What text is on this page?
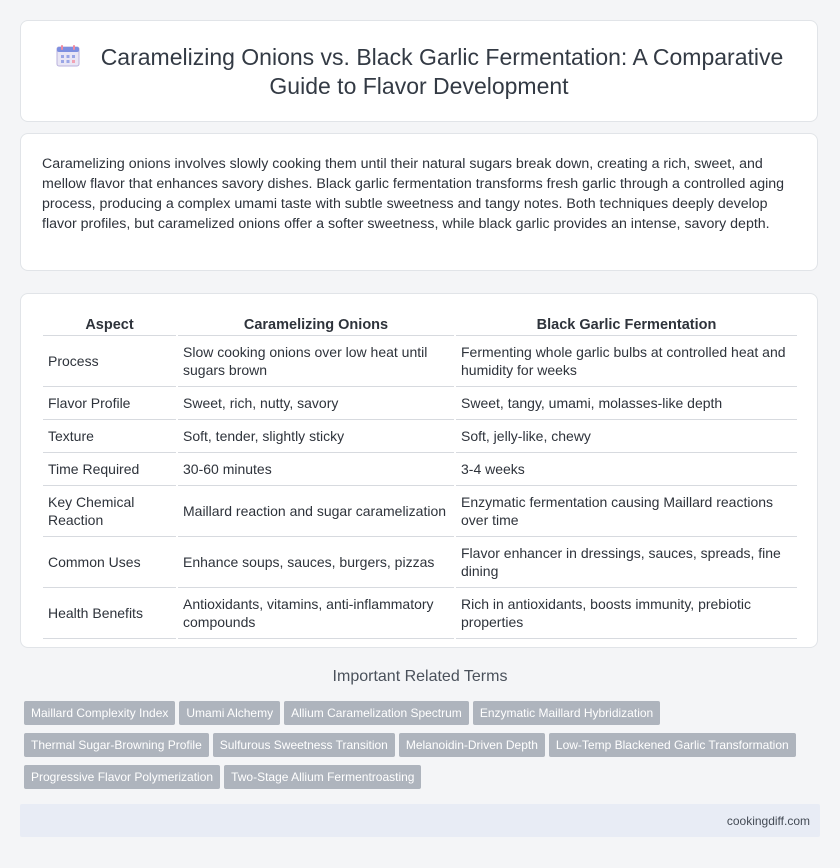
Caramelizing Onions vs. Black Garlic Fermentation: A Comparative Guide to Flavor Development

Caramelizing onions involves slowly cooking them until their natural sugars break down, creating a rich, sweet, and mellow flavor that enhances savory dishes. Black garlic fermentation transforms fresh garlic through a controlled aging process, producing a complex umami taste with subtle sweetness and tangy notes. Both techniques deeply develop flavor profiles, but caramelized onions offer a softer sweetness, while black garlic provides an intense, savory depth.

Aspect	Caramelizing Onions	Black Garlic Fermentation
Process	Slow cooking onions over low heat until sugars brown	Fermenting whole garlic bulbs at controlled heat and humidity for weeks
Flavor Profile	Sweet, rich, nutty, savory	Sweet, tangy, umami, molasses-like depth
Texture	Soft, tender, slightly sticky	Soft, jelly-like, chewy
Time Required	30-60 minutes	3-4 weeks
Key Chemical Reaction	Maillard reaction and sugar caramelization	Enzymatic fermentation causing Maillard reactions over time
Common Uses	Enhance soups, sauces, burgers, pizzas	Flavor enhancer in dressings, sauces, spreads, fine dining
Health Benefits	Antioxidants, vitamins, anti-inflammatory compounds	Rich in antioxidants, boosts immunity, prebiotic properties
Important Related Terms
Maillard Complexity Index Umami Alchemy Allium Caramelization Spectrum Enzymatic Maillard Hybridization
Thermal Sugar-Browning Profile Sulfurous Sweetness Transition Melanoidin-Driven Depth Low-Temp Blackened Garlic Transformation
Progressive Flavor Polymerization Two-Stage Allium Fermentroasting
cookingdiff.com
